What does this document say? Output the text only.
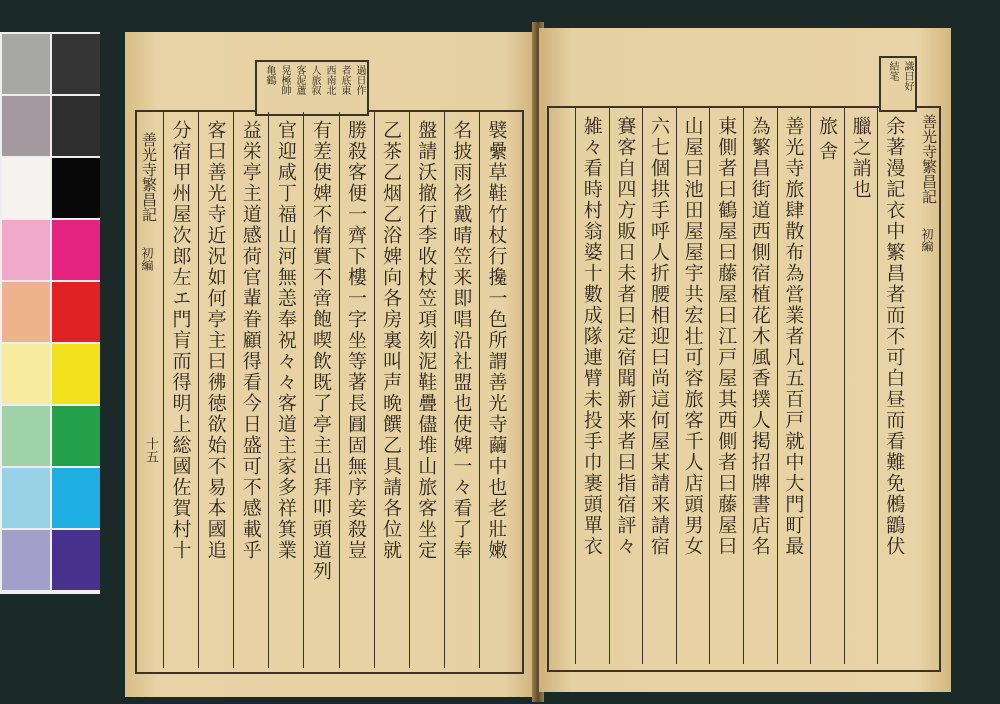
過日作
者底東
西南北
人旅叙
客泥蘆
晃極帥
亀鶴
善光寺繁昌記
初編
十五	襞纍草鞋竹杖行攙一色所謂善光寺繭中也老壯嫩
名披雨衫戴晴笠来即唱沿社盟也使婢一々看了奉
盤請沃撤行李收杖笠項刻泥鞋疊儘堆山旅客坐定
乙茶乙烟乙浴婢向各房裏叫声晩饌乙具請各位就
勝殺客便一齊下樓一字坐等著長㘣固無序妾殺豈
有差使婢不惰實不啻飽喫飲既了亭主出拜叩頭道列
官迎咸丁福山河無恙奉祝々々客道主家多祥箕業
益栄亭主道感荷官輩眷顧得看今日盛可不感載乎
客曰善光寺近況如何亭主曰彿徳欲始不易本國追
分宿甲州屋次郎左エ門肓而得明上総國佐賀村十
識曰好
結笔
善光寺繁昌記
初編
余著漫記衣中繁昌者而不可白昼而看難免鵂鶹伏
臘之誚也
旅舎
善光寺旅肆散布為営業者凡五百戸就中大門町最
為繁昌街道西側宿植花木風香撲人掲招牌書店名
東側者曰鶴屋曰藤屋曰江戸屋其西側者曰藤屋曰
山屋曰池田屋屋宇共宏壮可容旅客千人店頭男女
六七個拱手呼人折腰相迎曰尚這何屋某請来請宿
賽客自四方販日未者曰定宿聞新来者曰指宿評々
雑々看時村翁婆十數成隊連臂未投手巾裹頭單衣
